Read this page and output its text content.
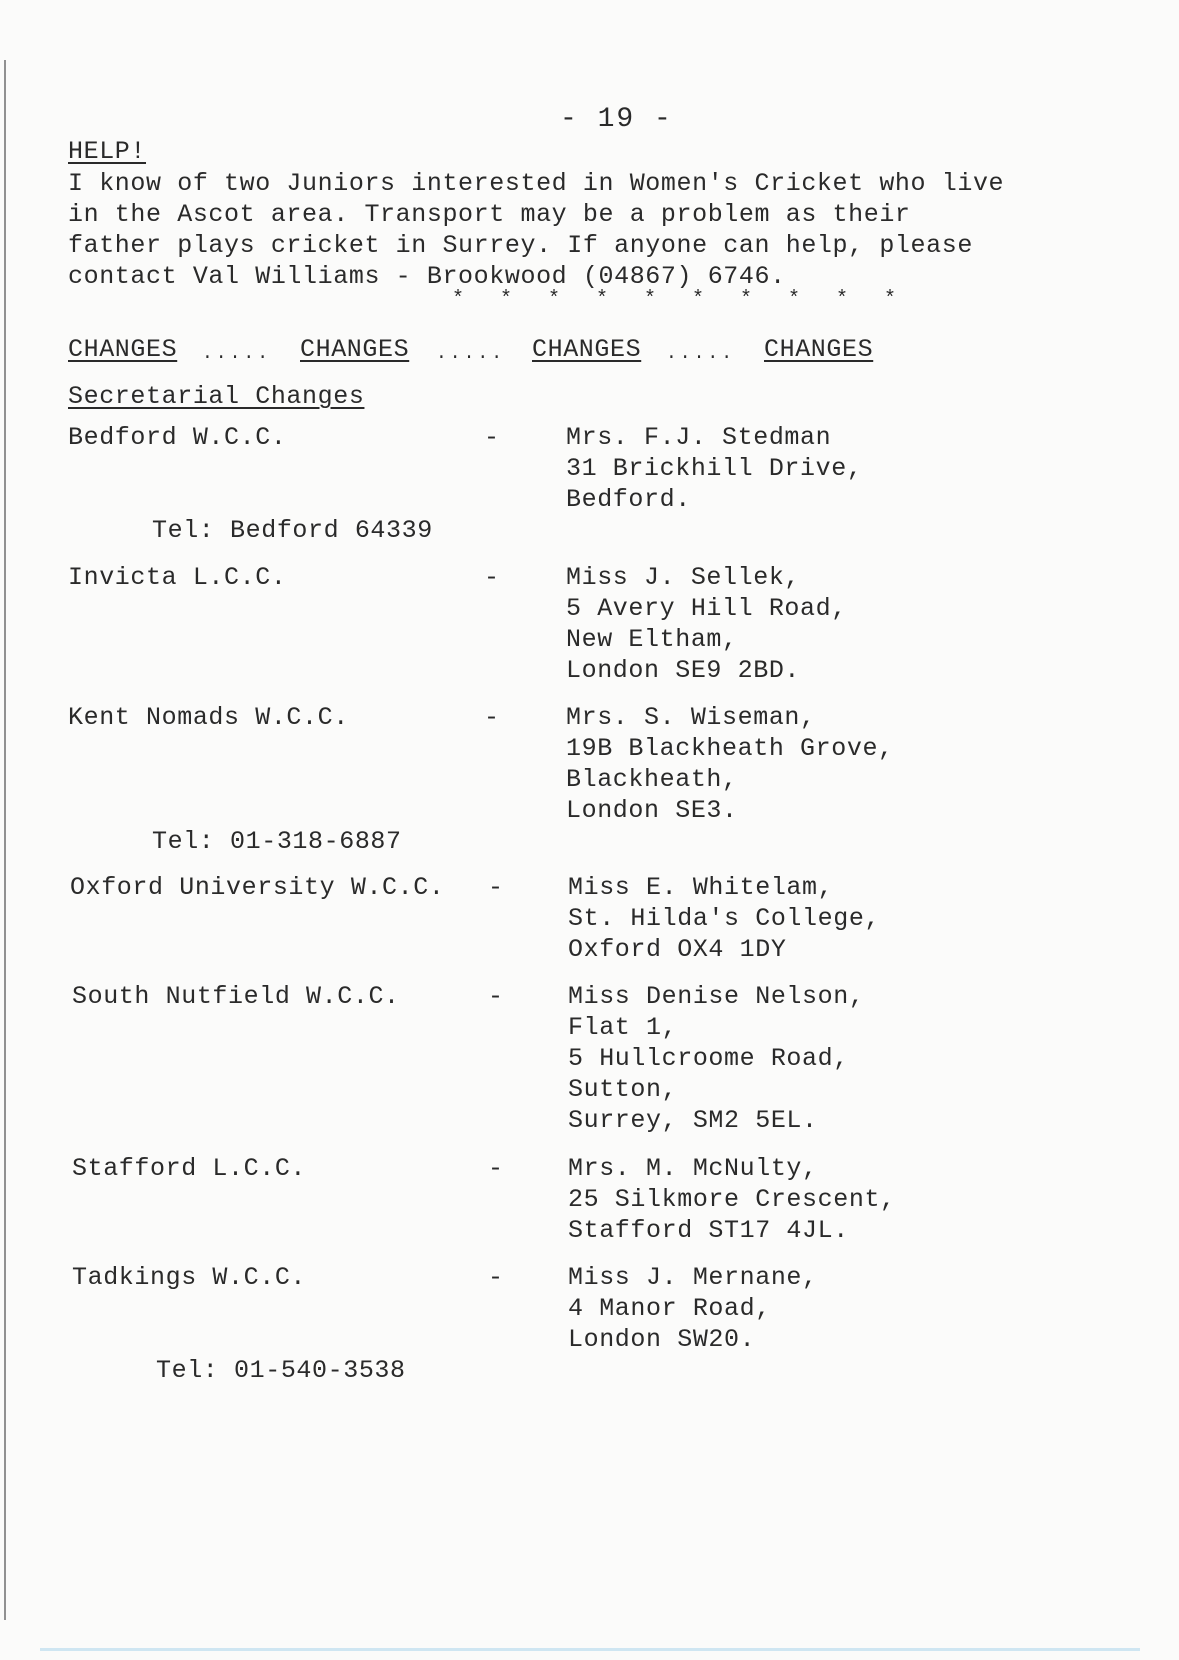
- 19 -
HELP!
I know of two Juniors interested in Women's Cricket who live
in the Ascot area. Transport may be a problem as their
father plays cricket in Surrey. If anyone can help, please
contact Val Williams - Brookwood (04867) 6746.
* * * * * * * * * *
CHANGES ..... CHANGES ..... CHANGES ..... CHANGES
Secretarial Changes
Bedford W.C.C.	-	Mrs. F.J. Stedman
31 Brickhill Drive,
Bedford.
Tel: Bedford 64339
Invicta L.C.C.	-	Miss J. Sellek,
5 Avery Hill Road,
New Eltham,
London SE9 2BD.
Kent Nomads W.C.C.	-	Mrs. S. Wiseman,
19B Blackheath Grove,
Blackheath,
London SE3.
Tel: 01-318-6887
Oxford University W.C.C. -	Miss E. Whitelam,
St. Hilda's College,
Oxford OX4 1DY
South Nutfield W.C.C.	-	Miss Denise Nelson,
Flat 1,
5 Hullcroome Road,
Sutton,
Surrey, SM2 5EL.
Stafford L.C.C.	-	Mrs. M. McNulty,
25 Silkmore Crescent,
Stafford ST17 4JL.
Tadkings W.C.C.	-	Miss J. Mernane,
4 Manor Road,
London SW20.
Tel: 01-540-3538
